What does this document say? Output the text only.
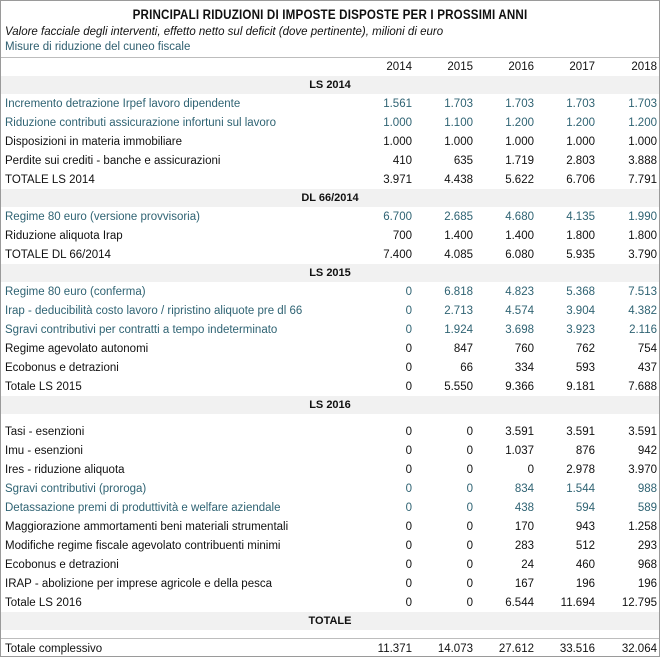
PRINCIPALI RIDUZIONI DI IMPOSTE DISPOSTE PER I PROSSIMI ANNI
Valore facciale degli interventi, effetto netto sul deficit (dove pertinente), milioni di euro
Misure di riduzione del cuneo fiscale
	2014	2015	2016	2017	2018
LS 2014					
Incremento detrazione Irpef lavoro dipendente	1.561	1.703	1.703	1.703	1.703
Riduzione contributi assicurazione infortuni sul lavoro	1.000	1.100	1.200	1.200	1.200
Disposizioni in materia immobiliare	1.000	1.000	1.000	1.000	1.000
Perdite sui crediti - banche e assicurazioni	410	635	1.719	2.803	3.888
TOTALE LS 2014	3.971	4.438	5.622	6.706	7.791
DL 66/2014					
Regime 80 euro (versione provvisoria)	6.700	2.685	4.680	4.135	1.990
Riduzione aliquota Irap	700	1.400	1.400	1.800	1.800
TOTALE DL 66/2014	7.400	4.085	6.080	5.935	3.790
LS 2015					
Regime 80 euro (conferma)	0	6.818	4.823	5.368	7.513
Irap - deducibilità costo lavoro / ripristino aliquote pre dl 66	0	2.713	4.574	3.904	4.382
Sgravi contributivi per contratti a tempo indeterminato	0	1.924	3.698	3.923	2.116
Regime agevolato autonomi	0	847	760	762	754
Ecobonus e detrazioni	0	66	334	593	437
Totale LS 2015	0	5.550	9.366	9.181	7.688
LS 2016					

Tasi - esenzioni	0	0	3.591	3.591	3.591
Imu - esenzioni	0	0	1.037	876	942
Ires - riduzione aliquota	0	0	0	2.978	3.970
Sgravi contributivi (proroga)	0	0	834	1.544	988
Detassazione premi di produttività e welfare aziendale	0	0	438	594	589
Maggiorazione ammortamenti beni materiali strumentali	0	0	170	943	1.258
Modifiche regime fiscale agevolato contribuenti minimi	0	0	283	512	293
Ecobonus e detrazioni	0	0	24	460	968
IRAP - abolizione per imprese agricole e della pesca	0	0	167	196	196
Totale LS 2016	0	0	6.544	11.694	12.795
TOTALE					

Totale complessivo	11.371	14.073	27.612	33.516	32.064
